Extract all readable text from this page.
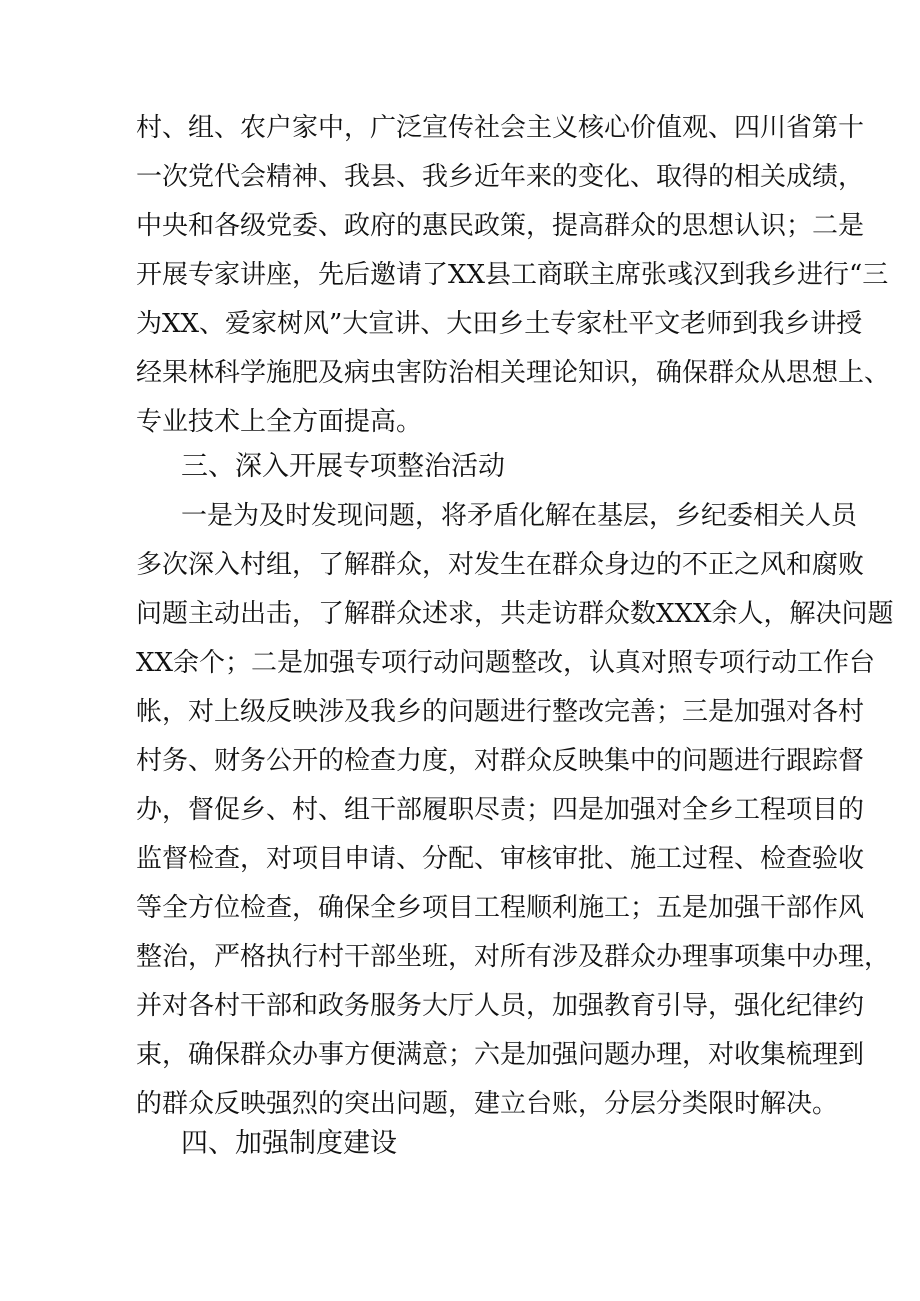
村、组、农户家中，广泛宣传社会主义核心价值观、四川省第十
一次党代会精神、我县、我乡近年来的变化、取得的相关成绩，
中央和各级党委、政府的惠民政策，提高群众的思想认识；二是
开展专家讲座，先后邀请了XX县工商联主席张彧汉到我乡进行“三
为XX、爱家树风”大宣讲、大田乡土专家杜平文老师到我乡讲授
经果林科学施肥及病虫害防治相关理论知识，确保群众从思想上、
专业技术上全方面提高。
三、深入开展专项整治活动
一是为及时发现问题，将矛盾化解在基层，乡纪委相关人员
多次深入村组，了解群众，对发生在群众身边的不正之风和腐败
问题主动出击，了解群众述求，共走访群众数XXX余人，解决问题
XX余个；二是加强专项行动问题整改，认真对照专项行动工作台
帐，对上级反映涉及我乡的问题进行整改完善；三是加强对各村
村务、财务公开的检查力度，对群众反映集中的问题进行跟踪督
办，督促乡、村、组干部履职尽责；四是加强对全乡工程项目的
监督检查，对项目申请、分配、审核审批、施工过程、检查验收
等全方位检查，确保全乡项目工程顺利施工；五是加强干部作风
整治，严格执行村干部坐班，对所有涉及群众办理事项集中办理，
并对各村干部和政务服务大厅人员，加强教育引导，强化纪律约
束，确保群众办事方便满意；六是加强问题办理，对收集梳理到
的群众反映强烈的突出问题，建立台账，分层分类限时解决。
四、加强制度建设
